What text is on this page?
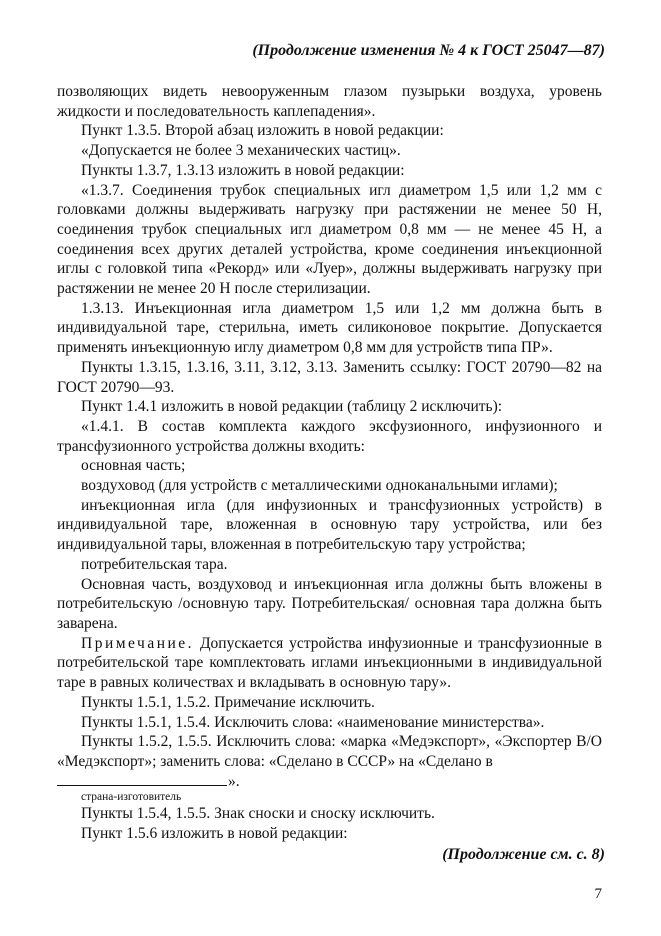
(Продолжение изменения № 4 к ГОСТ 25047—87)

позволяющих видеть невооруженным глазом пузырьки воздуха, уровень жидкости и последовательность каплепадения».

Пункт 1.3.5. Второй абзац изложить в новой редакции:

«Допускается не более 3 механических частиц».

Пункты 1.3.7, 1.3.13 изложить в новой редакции:

«1.3.7. Соединения трубок специальных игл диаметром 1,5 или 1,2 мм с головками должны выдерживать нагрузку при растяжении не менее 50 Н, соединения трубок специальных игл диаметром 0,8 мм — не менее 45 Н, а соединения всех других деталей устройства, кроме соединения инъекционной иглы с головкой типа «Рекорд» или «Луер», должны выдерживать нагрузку при растяжении не менее 20 Н после стерилизации.

1.3.13. Инъекционная игла диаметром 1,5 или 1,2 мм должна быть в индивидуальной таре, стерильна, иметь силиконовое покрытие. Допускается применять инъекционную иглу диаметром 0,8 мм для устройств типа ПР».

Пункты 1.3.15, 1.3.16, 3.11, 3.12, 3.13. Заменить ссылку: ГОСТ 20790—82 на ГОСТ 20790—93.

Пункт 1.4.1 изложить в новой редакции (таблицу 2 исключить):

«1.4.1. В состав комплекта каждого эксфузионного, инфузионного и трансфузионного устройства должны входить:

основная часть;

воздуховод (для устройств с металлическими одноканальными иглами);

инъекционная игла (для инфузионных и трансфузионных устройств) в индивидуальной таре, вложенная в основную тару устройства, или без индивидуальной тары, вложенная в потребительскую тару устройства;

потребительская тара.

Основная часть, воздуховод и инъекционная игла должны быть вложены в потребительскую /основную тару. Потребительская/ основная тара должна быть заварена.

Примечание. Допускается устройства инфузионные и трансфузионные в потребительской таре комплектовать иглами инъекционными в индивидуальной таре в равных количествах и вкладывать в основную тару».

Пункты 1.5.1, 1.5.2. Примечание исключить.

Пункты 1.5.1, 1.5.4. Исключить слова: «наименование министерства».

Пункты 1.5.2, 1.5.5. Исключить слова: «марка «Медэкспорт», «Экспортер В/О «Медэкспорт»; заменить слова: «Сделано в СССР» на «Сделано в

».

страна-изготовитель

Пункты 1.5.4, 1.5.5. Знак сноски и сноску исключить.

Пункт 1.5.6 изложить в новой редакции:

(Продолжение см. с. 8)
7
